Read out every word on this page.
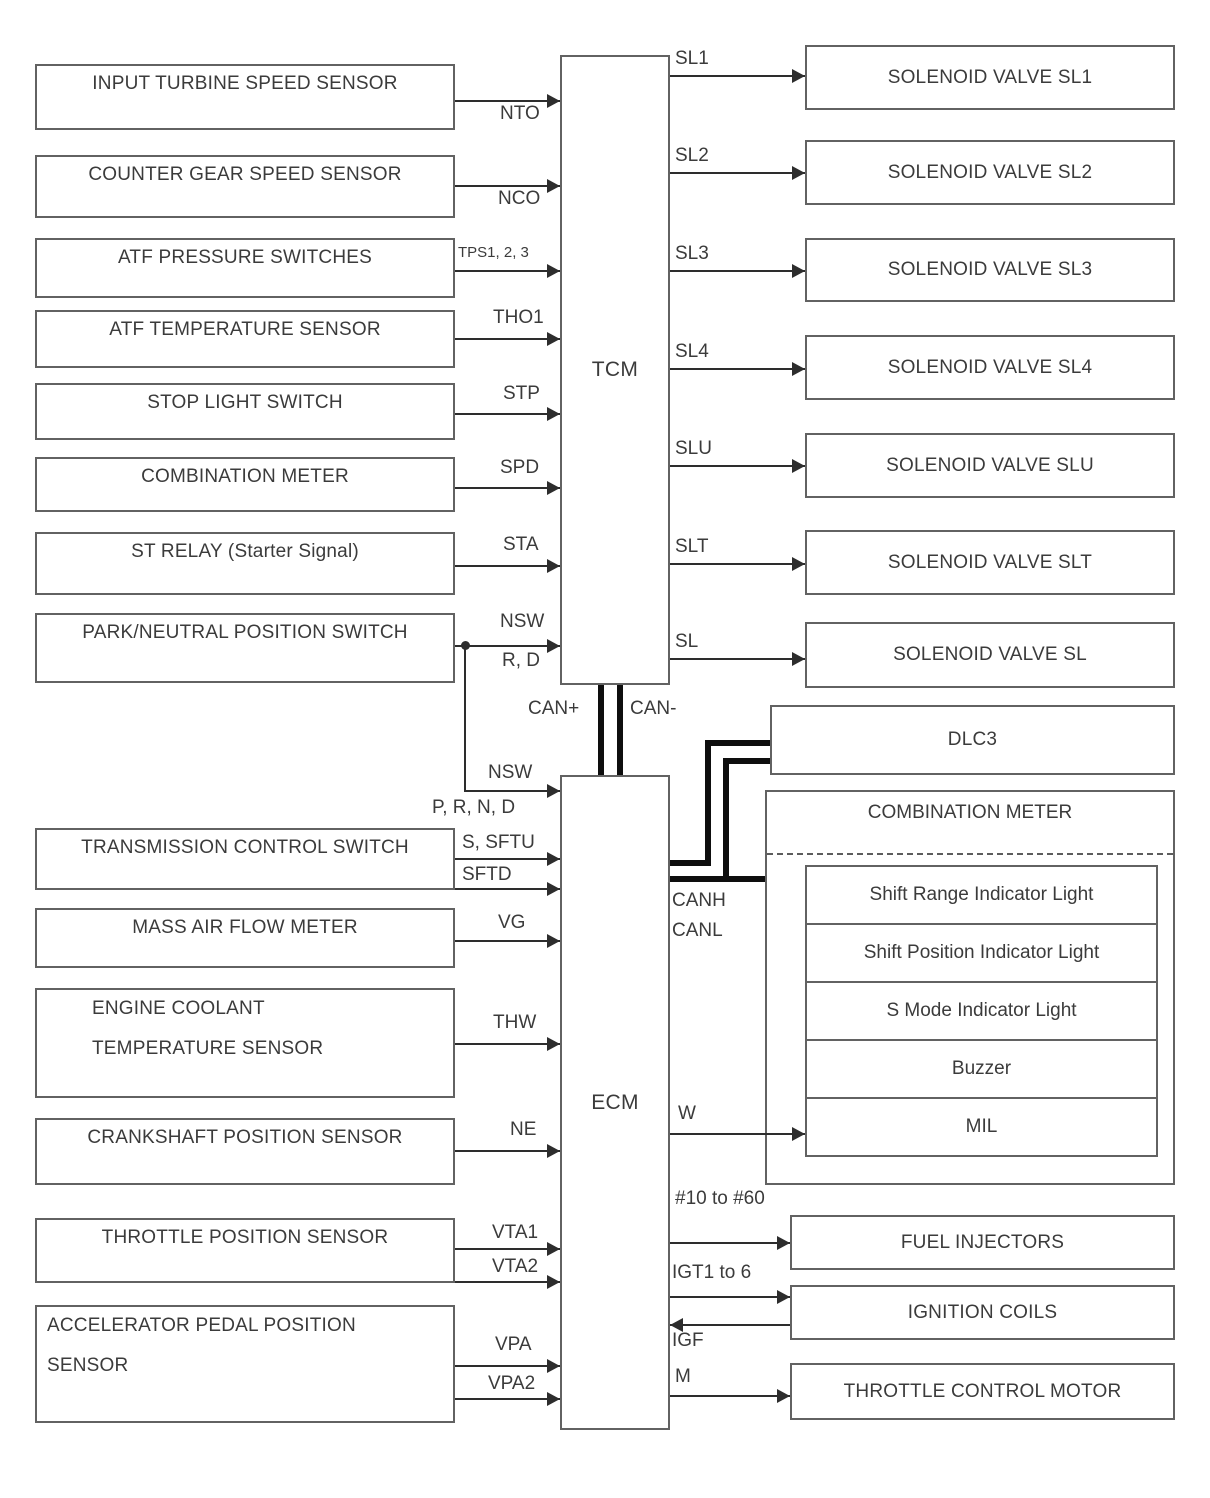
INPUT TURBINE SPEED SENSOR
COUNTER GEAR SPEED SENSOR
ATF PRESSURE SWITCHES
ATF TEMPERATURE SENSOR
STOP LIGHT SWITCH
COMBINATION METER
ST RELAY (Starter Signal)
PARK/NEUTRAL POSITION SWITCH
NTO
NCO
TPS1, 2, 3
THO1
STP
SPD
STA
NSW
R, D
NSW
P, R, N, D
TCM
ECM
SL1
SOLENOID VALVE SL1
SL2
SOLENOID VALVE SL2
SL3
SOLENOID VALVE SL3
SL4
SOLENOID VALVE SL4
SLU
SOLENOID VALVE SLU
SLT
SOLENOID VALVE SLT
SL
SOLENOID VALVE SL
CAN+	CAN-
CANH
CANL
DLC3
COMBINATION METER
Shift Range Indicator Light
Shift Position Indicator Light
S Mode Indicator Light
Buzzer
MIL
TRANSMISSION CONTROL SWITCH	S, SFTU
SFTD
MASS AIR FLOW METER	VG
ENGINE COOLANT
TEMPERATURE SENSOR
THW
CRANKSHAFT POSITION SENSOR	NE
THROTTLE POSITION SENSOR	VTA1
VTA2
ACCELERATOR PEDAL POSITION
SENSOR
VPA
VPA2
W
#10 to #60
FUEL INJECTORS
IGT1 to 6
IGF
IGNITION COILS
M
THROTTLE CONTROL MOTOR
